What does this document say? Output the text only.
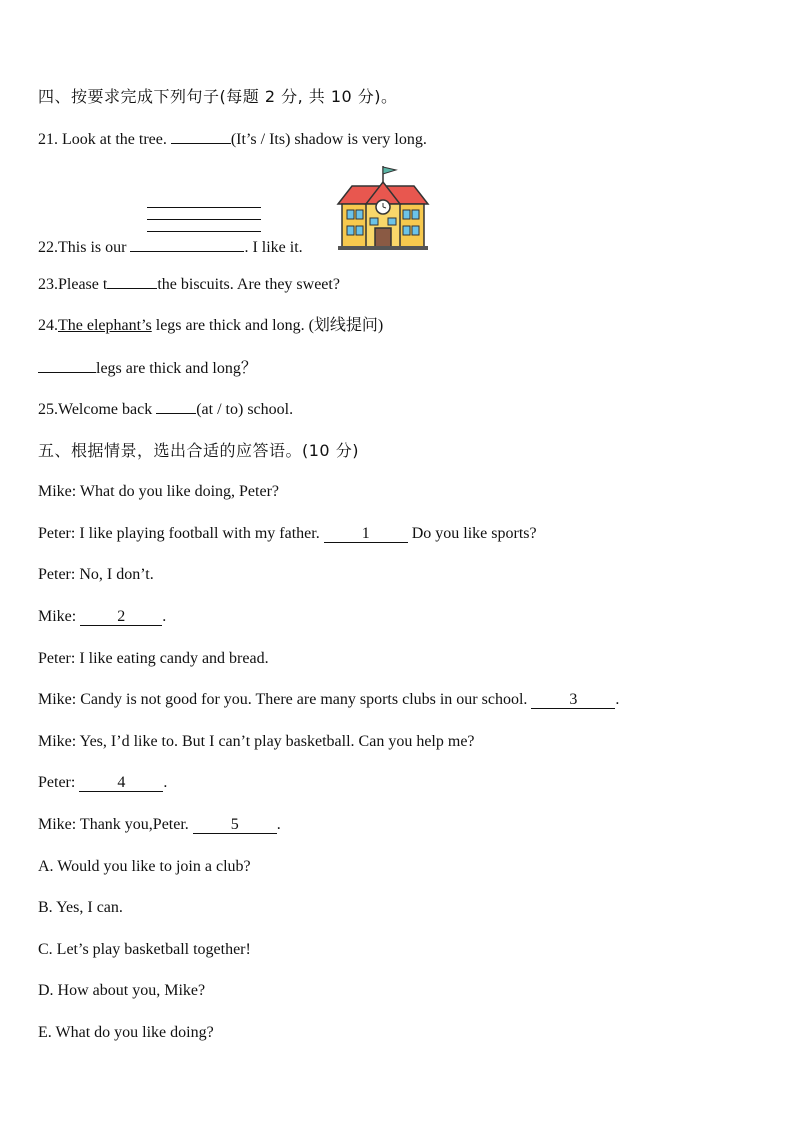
四、按要求完成下列句子(每题 2 分, 共 10 分)。
21. Look at the tree.	(It’s / Its) shadow is very long.
22.This is our	. I like it.
23.Please t	the biscuits. Are they sweet?
24.The elephant’s legs are thick and long. (划线提问)
legs are thick and long？
25.Welcome back	(at / to) school.
五、根据情景，选出合适的应答语。(10 分)
Mike: What do you like doing, Peter?
Peter: I like playing football with my father. 1 Do you like sports?
Peter: No, I don’t.
Mike: 2 .
Peter: I like eating candy and bread.
Mike: Candy is not good for you. There are many sports clubs in our school. 3 .
Mike: Yes, I’d like to. But I can’t play basketball. Can you help me?
Peter: 4 .
Mike: Thank you,Peter. 5 .
A. Would you like to join a club?
B. Yes, I can.
C. Let’s play basketball together!
D. How about you, Mike?
E. What do you like doing?
